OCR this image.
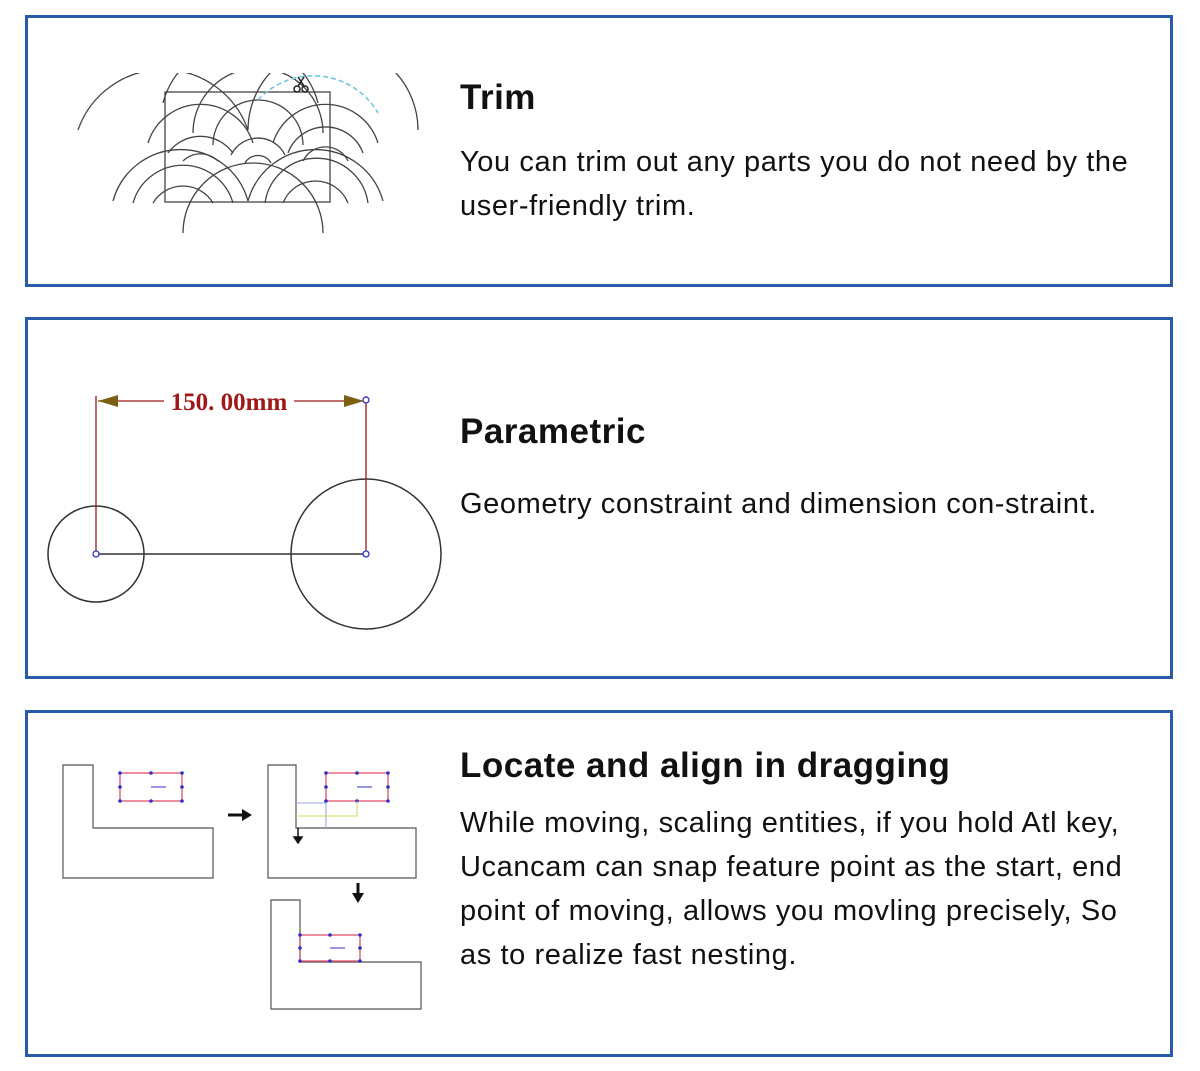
Trim
You can trim out any parts you do not need by the user-friendly trim.
150. 00mm
Parametric
Geometry constraint and dimension con-straint.
Locate and align in dragging
While moving, scaling entities, if you hold Atl key, Ucancam can snap feature point as the start, end point of moving, allows you movling precisely, So as to realize fast nesting.
